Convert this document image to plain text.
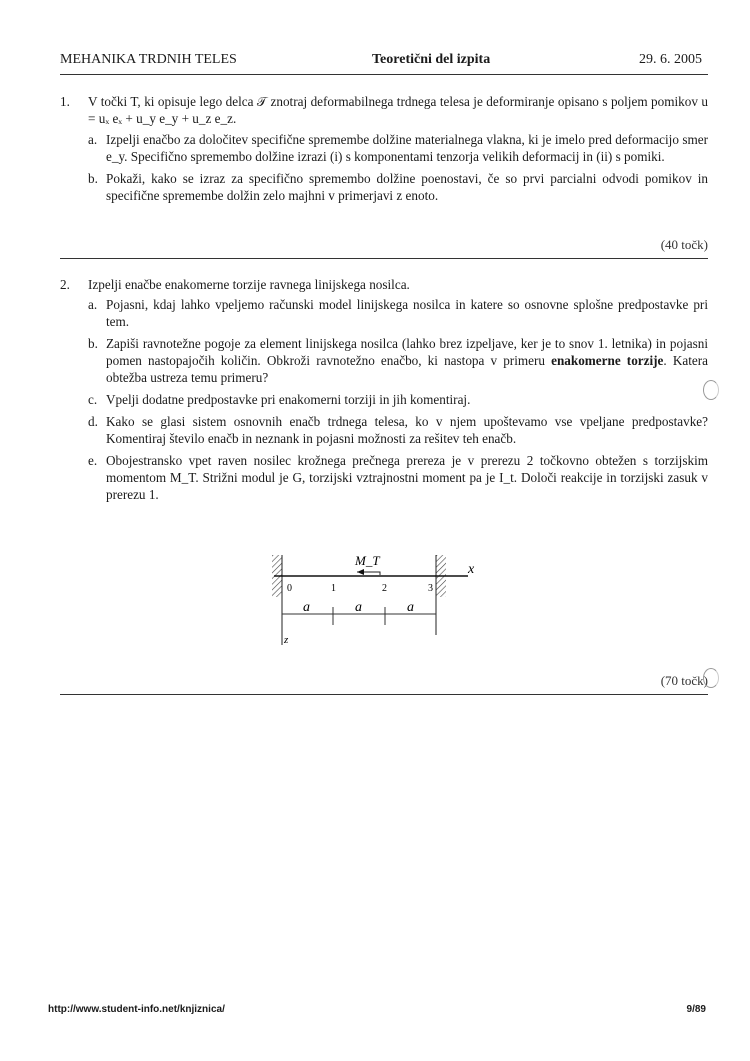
MEHANIKA TRDNIH TELES	Teoretični del izpita	29. 6. 2005
1.	V točki T, ki opisuje lego delca 𝒯 znotraj deformabilnega trdnega telesa je deformiranje opisano s poljem pomikov u = uₓ eₓ + u_y e_y + u_z e_z.
a. Izpelji enačbo za določitev specifične spremembe dolžine materialnega vlakna, ki je imelo pred deformacijo smer e_y. Specifično spremembo dolžine izrazi (i) s komponentami tenzorja velikih deformacij in (ii) s pomiki.
b. Pokaži, kako se izraz za specifično spremembo dolžine poenostavi, če so prvi parcialni odvodi pomikov in specifične spremembe dolžin zelo majhni v primerjavi z enoto.
(40 točk)
2.	Izpelji enačbe enakomerne torzije ravnega linijskega nosilca.
a. Pojasni, kdaj lahko vpeljemo računski model linijskega nosilca in katere so osnovne splošne predpostavke pri tem.
b. Zapiši ravnotežne pogoje za element linijskega nosilca (lahko brez izpeljave, ker je to snov 1. letnika) in pojasni pomen nastopajočih količin. Obkroži ravnotežno enačbo, ki nastopa v primeru enakomerne torzije. Katera obtežba ustreza temu primeru?
c. Vpelji dodatne predpostavke pri enakomerni torziji in jih komentiraj.
d. Kako se glasi sistem osnovnih enačb trdnega telesa, ko v njem upoštevamo vse vpeljane predpostavke? Komentiraj število enačb in neznank in pojasni možnosti za rešitev teh enačb.
e. Obojestransko vpet raven nosilec krožnega prečnega prereza je v prerezu 2 točkovno obtežen s torzijskim momentom M_T. Strižni modul je G, torzijski vztrajnostni moment pa je I_t. Določi reakcije in torzijski zasuk v prerezu 1.
M_T
x
0	1	2	3
a	a	a
z
(70 točk)
http://www.student-info.net/knjiznica/	9/89
